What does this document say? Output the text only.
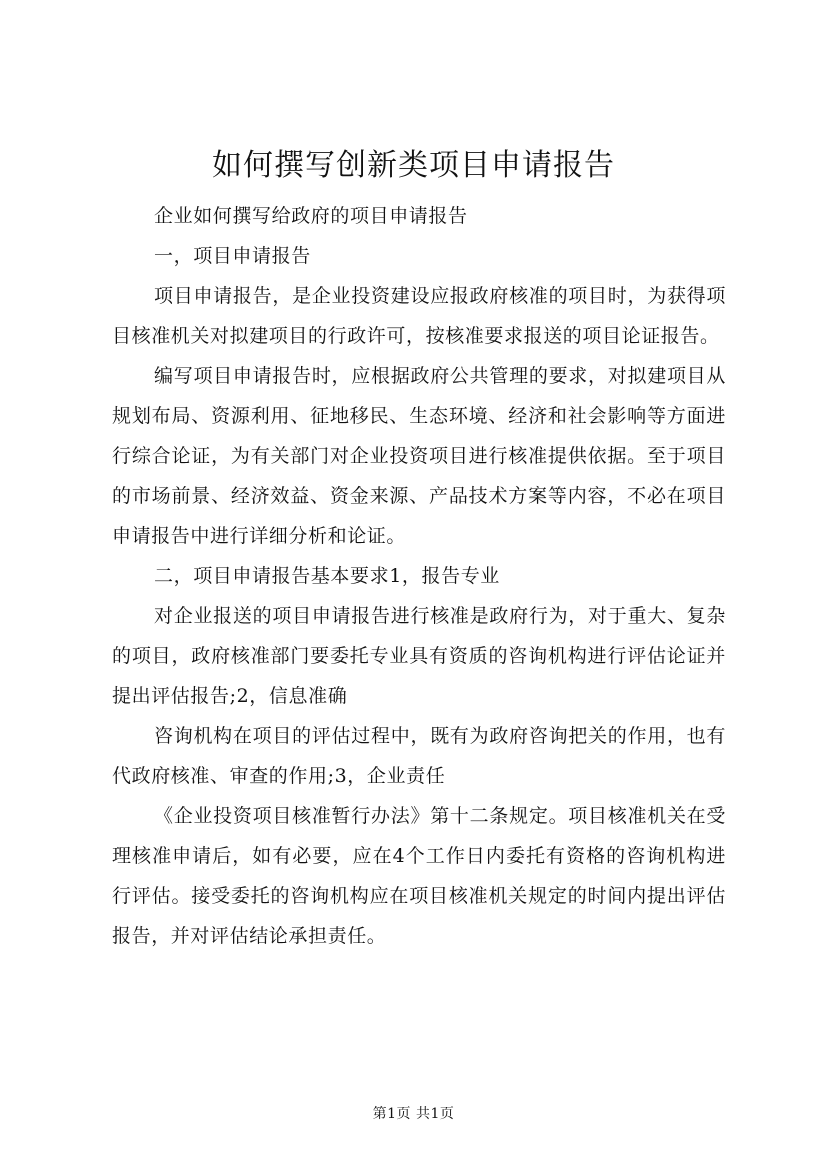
如何撰写创新类项目申请报告

企业如何撰写给政府的项目申请报告

一，项目申请报告

项目申请报告，是企业投资建设应报政府核准的项目时，为获得项目核准机关对拟建项目的行政许可，按核准要求报送的项目论证报告。

编写项目申请报告时，应根据政府公共管理的要求，对拟建项目从规划布局、资源利用、征地移民、生态环境、经济和社会影响等方面进行综合论证，为有关部门对企业投资项目进行核准提供依据。至于项目的市场前景、经济效益、资金来源、产品技术方案等内容，不必在项目申请报告中进行详细分析和论证。

二，项目申请报告基本要求1，报告专业

对企业报送的项目申请报告进行核准是政府行为，对于重大、复杂的项目，政府核准部门要委托专业具有资质的咨询机构进行评估论证并提出评估报告;2，信息准确

咨询机构在项目的评估过程中，既有为政府咨询把关的作用，也有代政府核准、审查的作用;3，企业责任

《企业投资项目核准暂行办法》第十二条规定。项目核准机关在受理核准申请后，如有必要，应在4个工作日内委托有资格的咨询机构进行评估。接受委托的咨询机构应在项目核准机关规定的时间内提出评估报告，并对评估结论承担责任。

第1页 共1页
